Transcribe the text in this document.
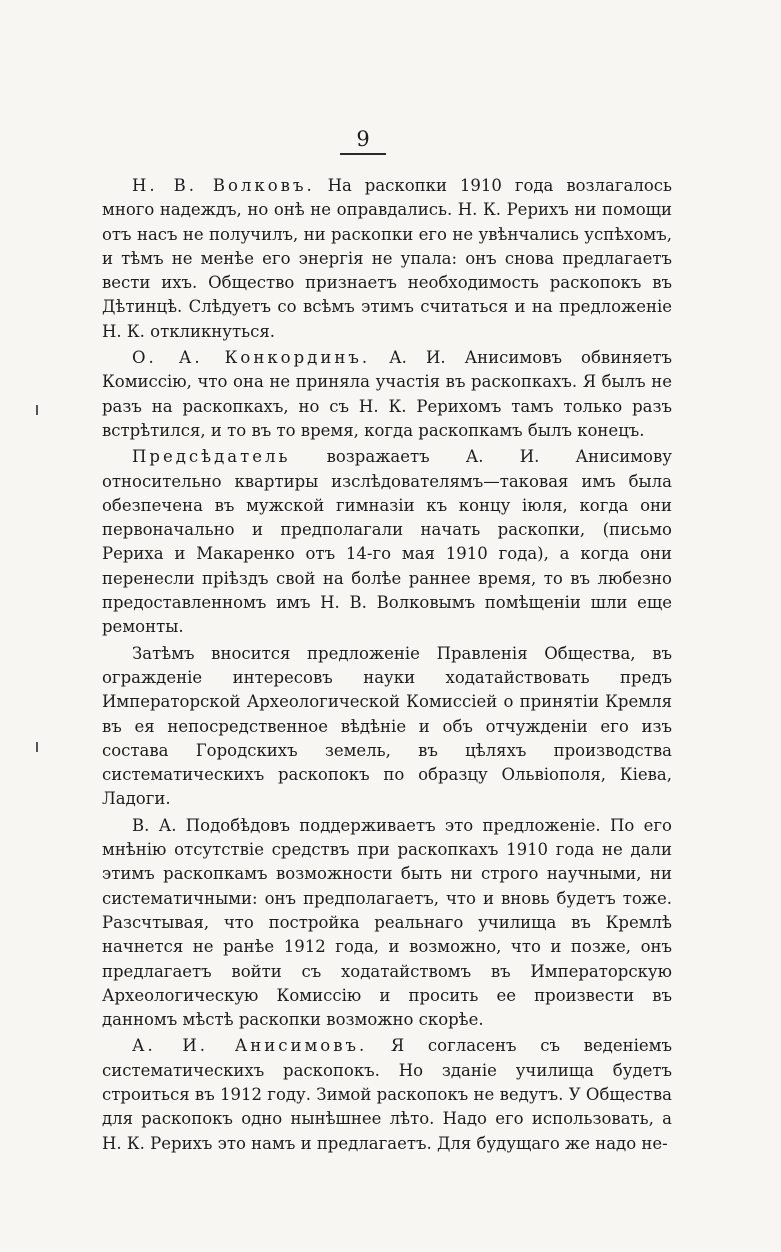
9

Н. В. Волковъ. На раскопки 1910 года возлагалось много надеждъ, но онѣ не оправдались. Н. К. Рерихъ ни помощи отъ насъ не получилъ, ни раскопки его не увѣнчались успѣхомъ, и тѣмъ не менѣе его энергія не упала: онъ снова предлагаетъ вести ихъ. Общество признаетъ необходимость раскопокъ въ Дѣтинцѣ. Слѣдуетъ со всѣмъ этимъ считаться и на предложеніе Н. К. откликнуться.

О. А. Конкординъ. А. И. Анисимовъ обвиняетъ Комиссію, что она не приняла участія въ раскопкахъ. Я былъ не разъ на раскопкахъ, но съ Н. К. Рерихомъ тамъ только разъ встрѣтился, и то въ то время, когда раскопкамъ былъ конецъ.

Предсѣдатель возражаетъ А. И. Анисимову относительно квартиры изслѣдователямъ—таковая имъ была обезпечена въ мужской гимназіи къ концу іюля, когда они первоначально и предполагали начать раскопки, (письмо Рериха и Макаренко отъ 14-го мая 1910 года), а когда они перенесли пріѣздъ свой на болѣе раннее время, то въ любезно предоставленномъ имъ Н. В. Волковымъ помѣщеніи шли еще ремонты.

Затѣмъ вносится предложеніе Правленія Общества, въ огражденіе интересовъ науки ходатайствовать предъ Императорской Археологической Комиссіей о принятіи Кремля въ ея непосредственное вѣдѣніе и объ отчужденіи его изъ состава Городскихъ земель, въ цѣляхъ производства систематическихъ раскопокъ по образцу Ольвіополя, Кіева, Ладоги.

В. А. Подобѣдовъ поддерживаетъ это предложеніе. По его мнѣнію отсутствіе средствъ при раскопкахъ 1910 года не дали этимъ раскопкамъ возможности быть ни строго научными, ни систематичными: онъ предполагаетъ, что и вновь будетъ тоже. Разсчтывая, что постройка реальнаго училища въ Кремлѣ начнется не ранѣе 1912 года, и возможно, что и позже, онъ предлагаетъ войти съ ходатайствомъ въ Императорскую Археологическую Комиссію и просить ее произвести въ данномъ мѣстѣ раскопки возможно скорѣе.

А. И. Анисимовъ. Я согласенъ съ веденіемъ систематическихъ раскопокъ. Но зданіе училища будетъ строиться въ 1912 году. Зимой раскопокъ не ведутъ. У Общества для раскопокъ одно нынѣшнее лѣто. Надо его использовать, а Н. К. Рерихъ это намъ и предлагаетъ. Для будущаго же надо не-
